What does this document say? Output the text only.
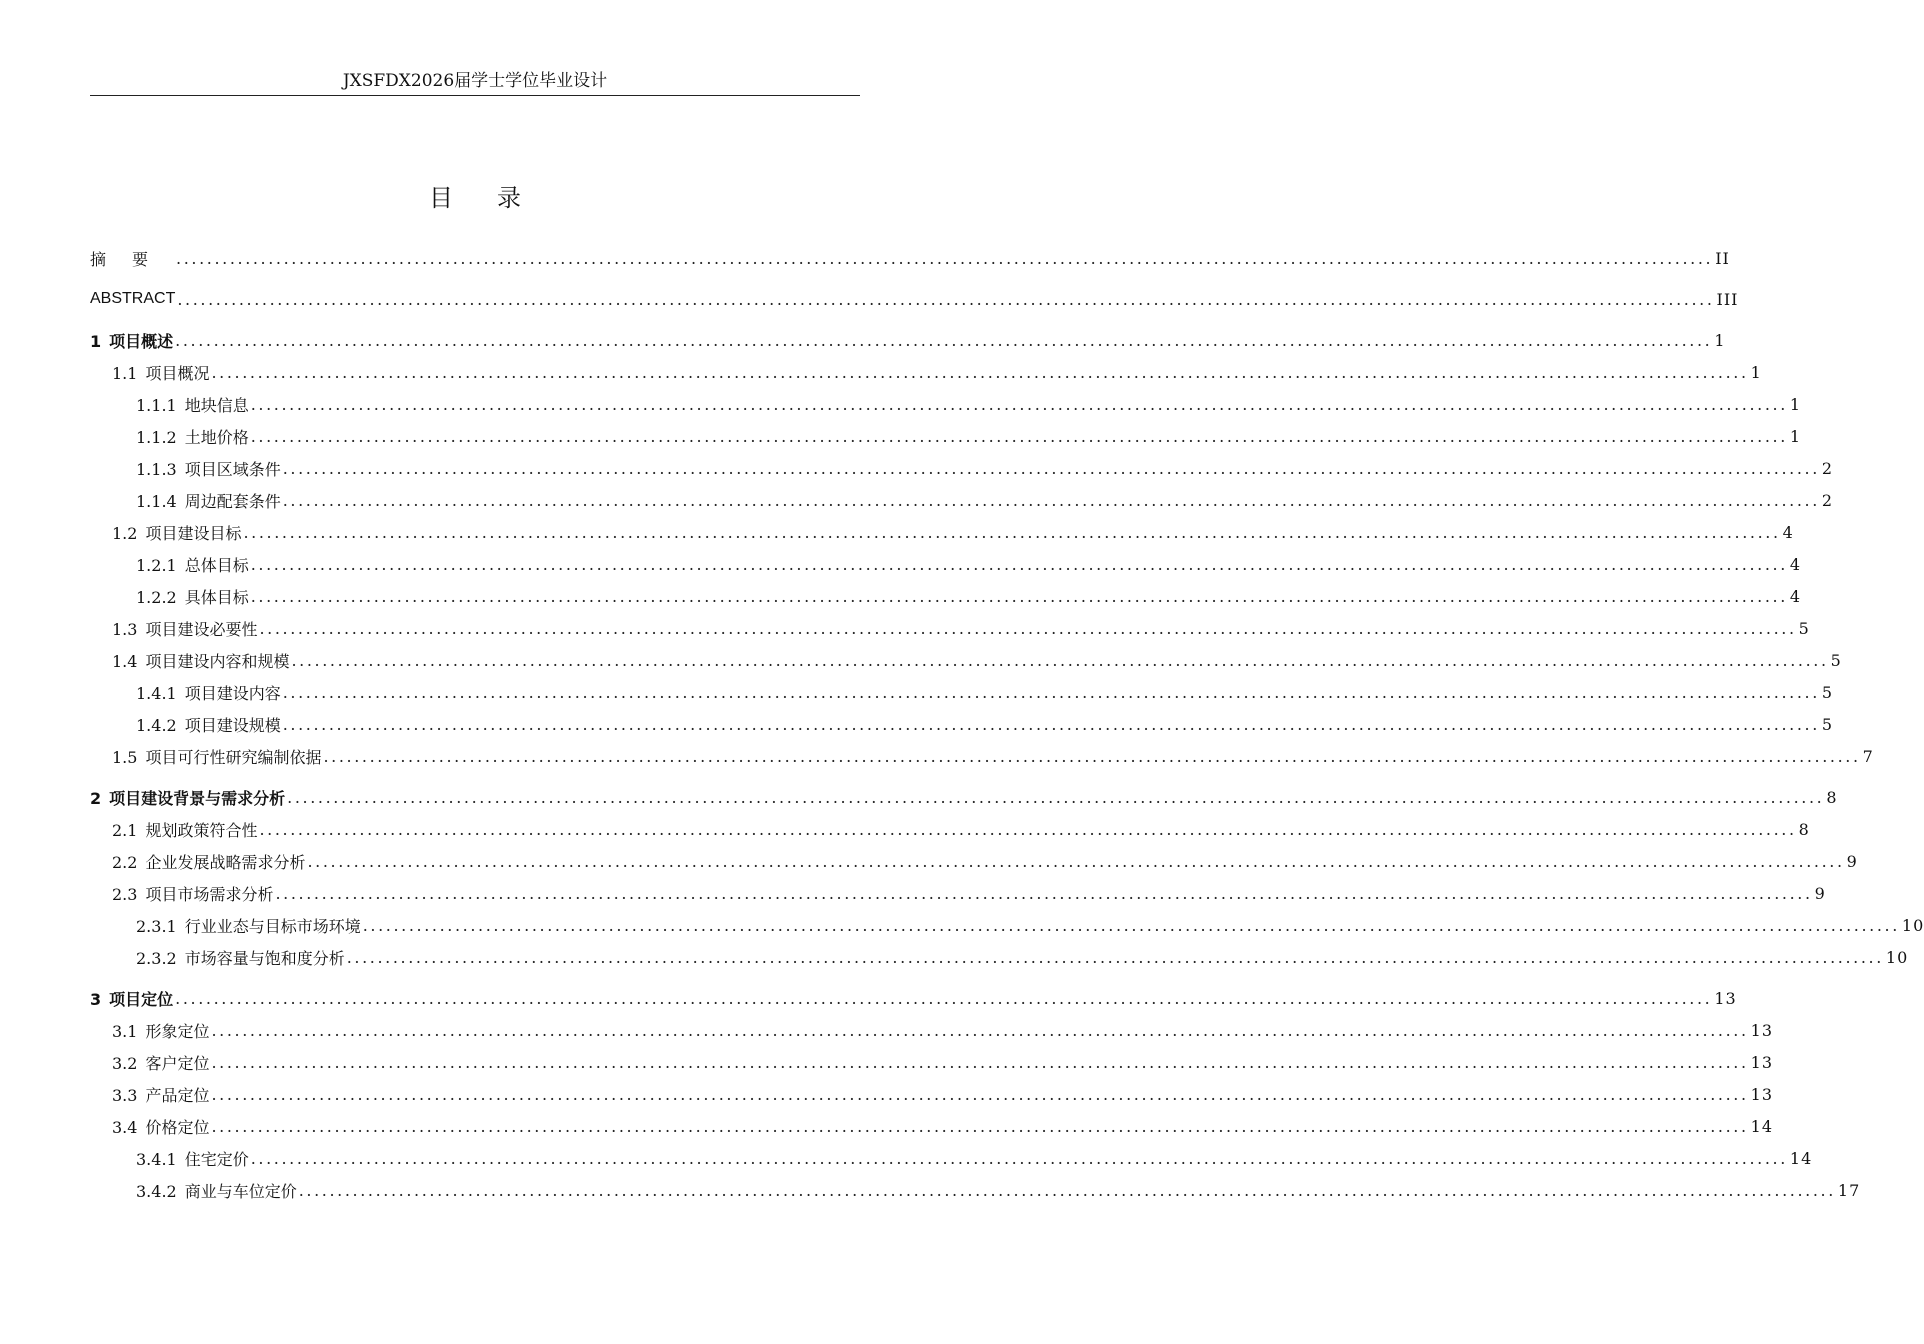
JXSFDX2026届学士学位毕业设计
目录
摘要 ........................................................................................................................................................................................................ II
ABSTRACT ........................................................................................................................................................................................................ III
1 项目概述 ........................................................................................................................................................................................................ 1
1.1 项目概况 ........................................................................................................................................................................................................ 1
1.1.1 地块信息 ........................................................................................................................................................................................................ 1
1.1.2 土地价格 ........................................................................................................................................................................................................ 1
1.1.3 项目区域条件 ........................................................................................................................................................................................................ 2
1.1.4 周边配套条件 ........................................................................................................................................................................................................ 2
1.2 项目建设目标 ........................................................................................................................................................................................................ 4
1.2.1 总体目标 ........................................................................................................................................................................................................ 4
1.2.2 具体目标 ........................................................................................................................................................................................................ 4
1.3 项目建设必要性 ........................................................................................................................................................................................................ 5
1.4 项目建设内容和规模 ........................................................................................................................................................................................................ 5
1.4.1 项目建设内容 ........................................................................................................................................................................................................ 5
1.4.2 项目建设规模 ........................................................................................................................................................................................................ 5
1.5 项目可行性研究编制依据 ........................................................................................................................................................................................................ 7
2 项目建设背景与需求分析 ........................................................................................................................................................................................................ 8
2.1 规划政策符合性 ........................................................................................................................................................................................................ 8
2.2 企业发展战略需求分析 ........................................................................................................................................................................................................ 9
2.3 项目市场需求分析 ........................................................................................................................................................................................................ 9
2.3.1 行业业态与目标市场环境 ........................................................................................................................................................................................................ 10
2.3.2 市场容量与饱和度分析 ........................................................................................................................................................................................................ 10
3 项目定位 ........................................................................................................................................................................................................ 13
3.1 形象定位 ........................................................................................................................................................................................................ 13
3.2 客户定位 ........................................................................................................................................................................................................ 13
3.3 产品定位 ........................................................................................................................................................................................................ 13
3.4 价格定位 ........................................................................................................................................................................................................ 14
3.4.1 住宅定价 ........................................................................................................................................................................................................ 14
3.4.2 商业与车位定价 ........................................................................................................................................................................................................ 17
